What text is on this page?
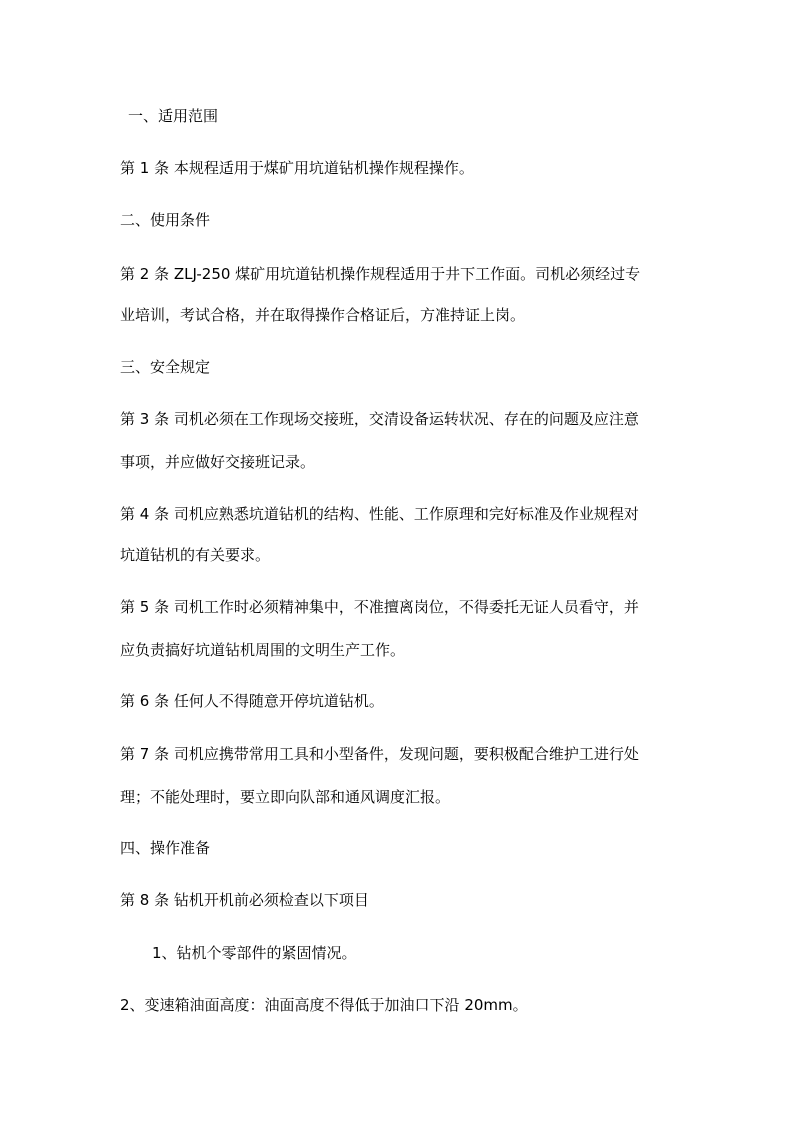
一、适用范围
第 1 条 本规程适用于煤矿用坑道钻机操作规程操作。
二、使用条件
第 2 条 ZLJ-250 煤矿用坑道钻机操作规程适用于井下工作面。司机必须经过专
业培训，考试合格，并在取得操作合格证后，方准持证上岗。
三、安全规定
第 3 条 司机必须在工作现场交接班，交清设备运转状况、存在的问题及应注意
事项，并应做好交接班记录。
第 4 条 司机应熟悉坑道钻机的结构、性能、工作原理和完好标准及作业规程对
坑道钻机的有关要求。
第 5 条 司机工作时必须精神集中，不准擅离岗位，不得委托无证人员看守，并
应负责搞好坑道钻机周围的文明生产工作。
第 6 条 任何人不得随意开停坑道钻机。
第 7 条 司机应携带常用工具和小型备件，发现问题，要积极配合维护工进行处
理；不能处理时，要立即向队部和通风调度汇报。
四、操作准备
第 8 条 钻机开机前必须检查以下项目
1、钻机个零部件的紧固情况。
2、变速箱油面高度：油面高度不得低于加油口下沿 20mm。
